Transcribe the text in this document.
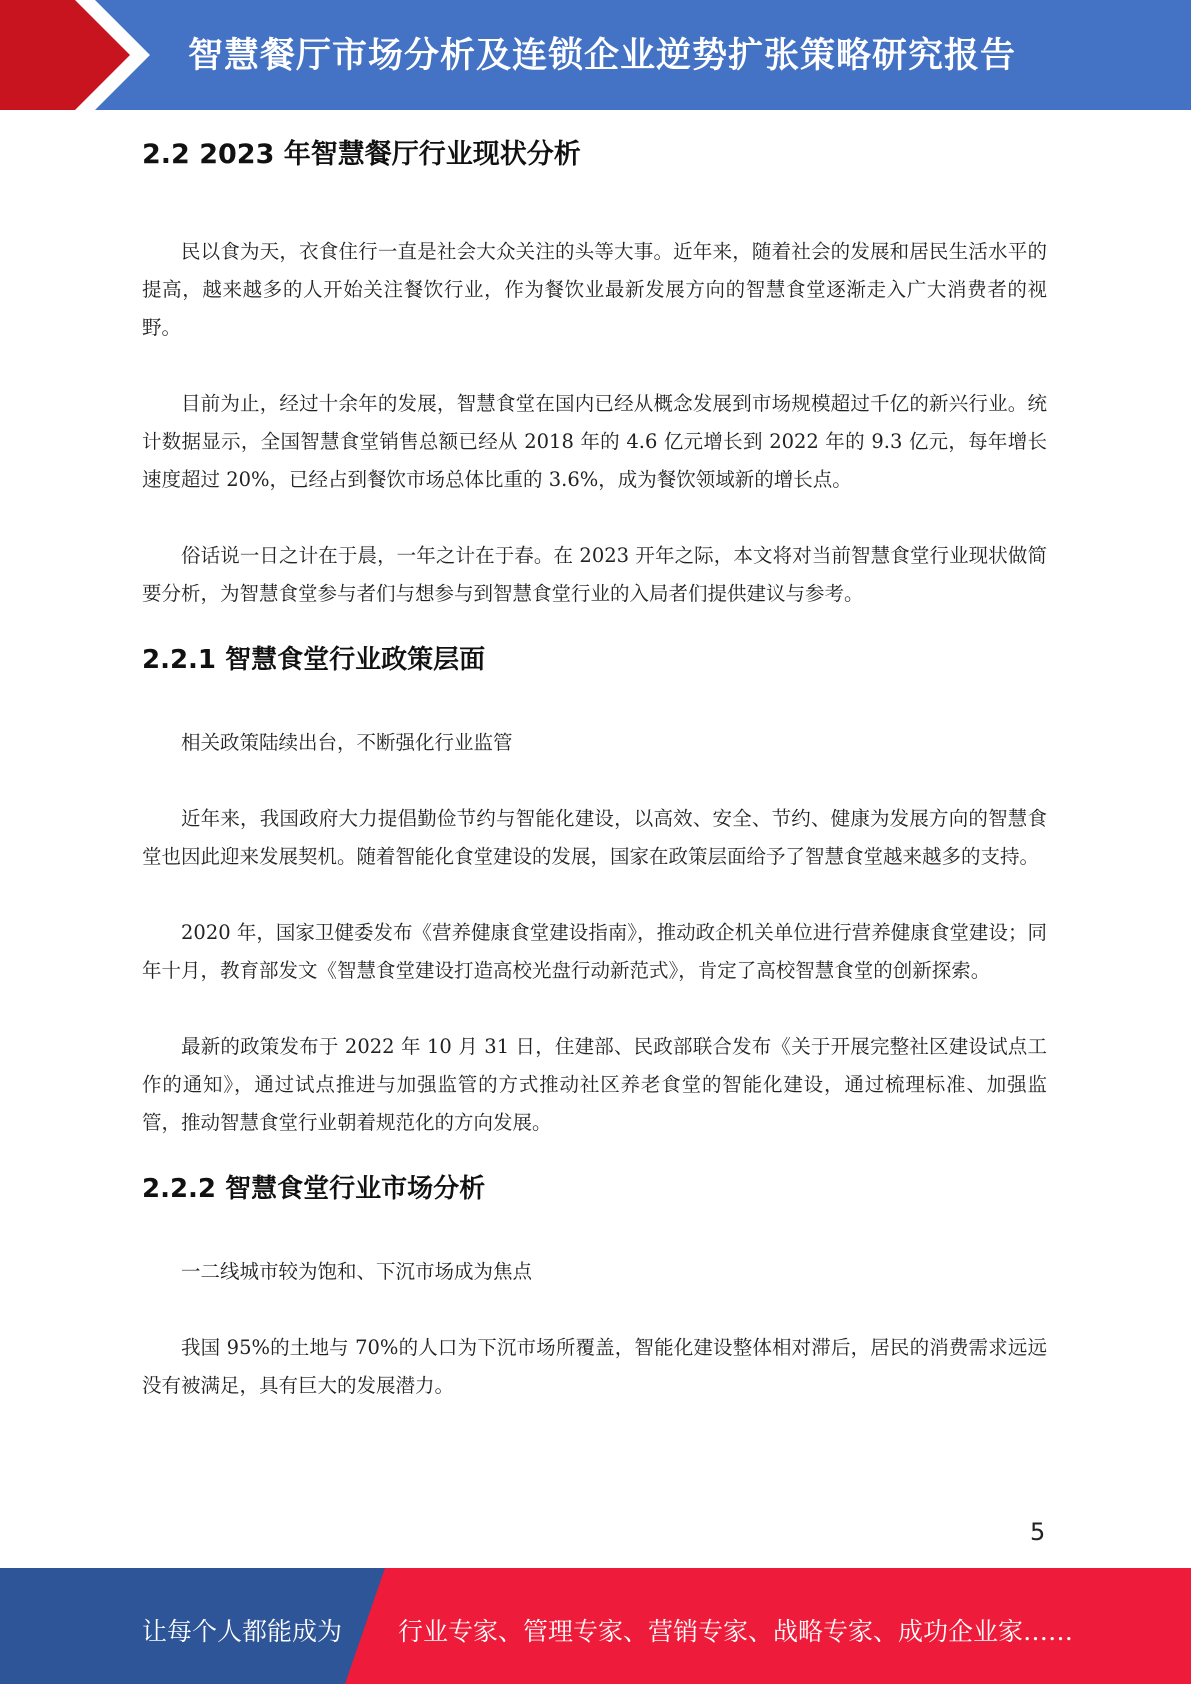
智慧餐厅市场分析及连锁企业逆势扩张策略研究报告
2.2 2023 年智慧餐厅行业现状分析

民以食为天，衣食住行一直是社会大众关注的头等大事。近年来，随着社会的发展和居民生活水平的提高，越来越多的人开始关注餐饮行业，作为餐饮业最新发展方向的智慧食堂逐渐走入广大消费者的视野。

目前为止，经过十余年的发展，智慧食堂在国内已经从概念发展到市场规模超过千亿的新兴行业。统计数据显示，全国智慧食堂销售总额已经从 2018 年的 4.6 亿元增长到 2022 年的 9.3 亿元，每年增长速度超过 20%，已经占到餐饮市场总体比重的 3.6%，成为餐饮领域新的增长点。

俗话说一日之计在于晨，一年之计在于春。在 2023 开年之际，本文将对当前智慧食堂行业现状做简要分析，为智慧食堂参与者们与想参与到智慧食堂行业的入局者们提供建议与参考。

2.2.1 智慧食堂行业政策层面

相关政策陆续出台，不断强化行业监管

近年来，我国政府大力提倡勤俭节约与智能化建设，以高效、安全、节约、健康为发展方向的智慧食堂也因此迎来发展契机。随着智能化食堂建设的发展，国家在政策层面给予了智慧食堂越来越多的支持。

2020 年，国家卫健委发布《营养健康食堂建设指南》，推动政企机关单位进行营养健康食堂建设；同年十月，教育部发文《智慧食堂建设打造高校光盘行动新范式》，肯定了高校智慧食堂的创新探索。

最新的政策发布于 2022 年 10 月 31 日，住建部、民政部联合发布《关于开展完整社区建设试点工作的通知》，通过试点推进与加强监管的方式推动社区养老食堂的智能化建设，通过梳理标准、加强监管，推动智慧食堂行业朝着规范化的方向发展。

2.2.2 智慧食堂行业市场分析

一二线城市较为饱和、下沉市场成为焦点

我国 95%的土地与 70%的人口为下沉市场所覆盖，智能化建设整体相对滞后，居民的消费需求远远没有被满足，具有巨大的发展潜力。

5
让每个人都能成为 行业专家、管理专家、营销专家、战略专家、成功企业家……
